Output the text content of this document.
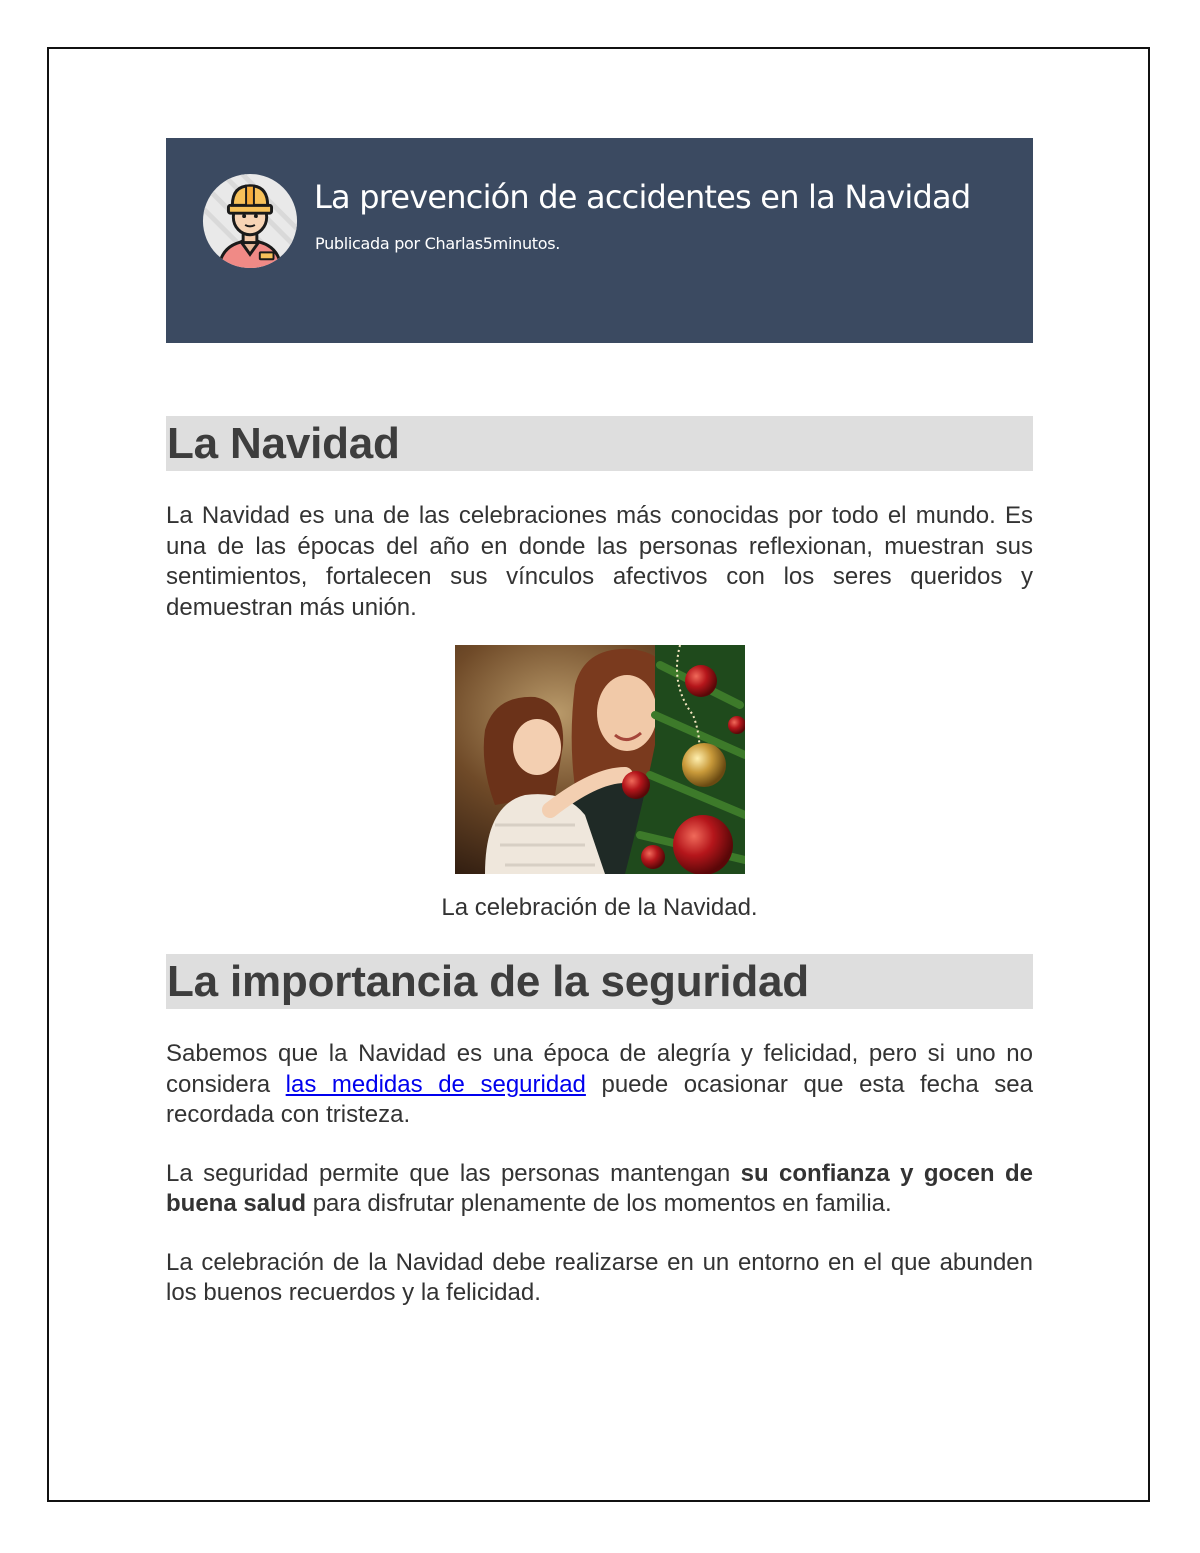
La prevención de accidentes en la Navidad

Publicada por Charlas5minutos.

La Navidad

La Navidad es una de las celebraciones más conocidas por todo el mundo. Es una de las épocas del año en donde las personas reflexionan, muestran sus sentimientos, fortalecen sus vínculos afectivos con los seres queridos y demuestran más unión.

La celebración de la Navidad.
La importancia de la seguridad

Sabemos que la Navidad es una época de alegría y felicidad, pero si uno no considera las medidas de seguridad puede ocasionar que esta fecha sea recordada con tristeza.

La seguridad permite que las personas mantengan su confianza y gocen de buena salud para disfrutar plenamente de los momentos en familia.

La celebración de la Navidad debe realizarse en un entorno en el que abunden los buenos recuerdos y la felicidad.
